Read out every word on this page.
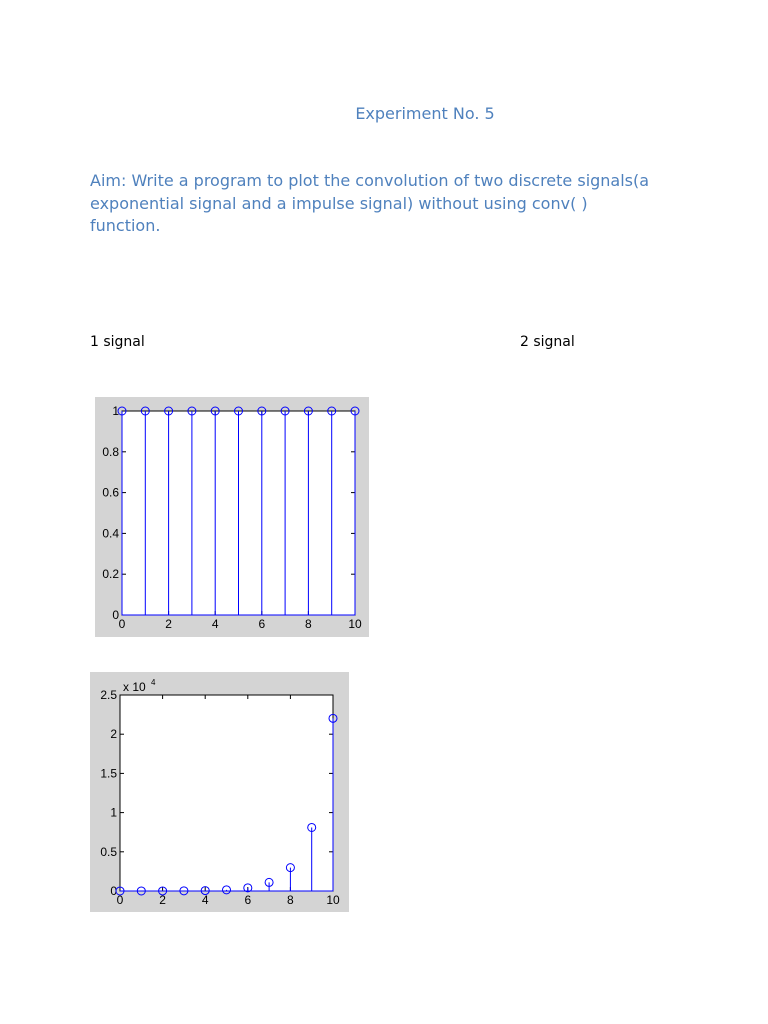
Experiment No. 5
Aim: Write a program to plot the convolution of two discrete signals(a
exponential signal and a impulse signal) without using conv( )
function.
1 signal	2 signal
0	2	4	6	8	10
0
0.2
0.4
0.6
0.8
1
0	2	4	6	8	10
0
0.5
1
1.5
2
2.5
x 10 4
